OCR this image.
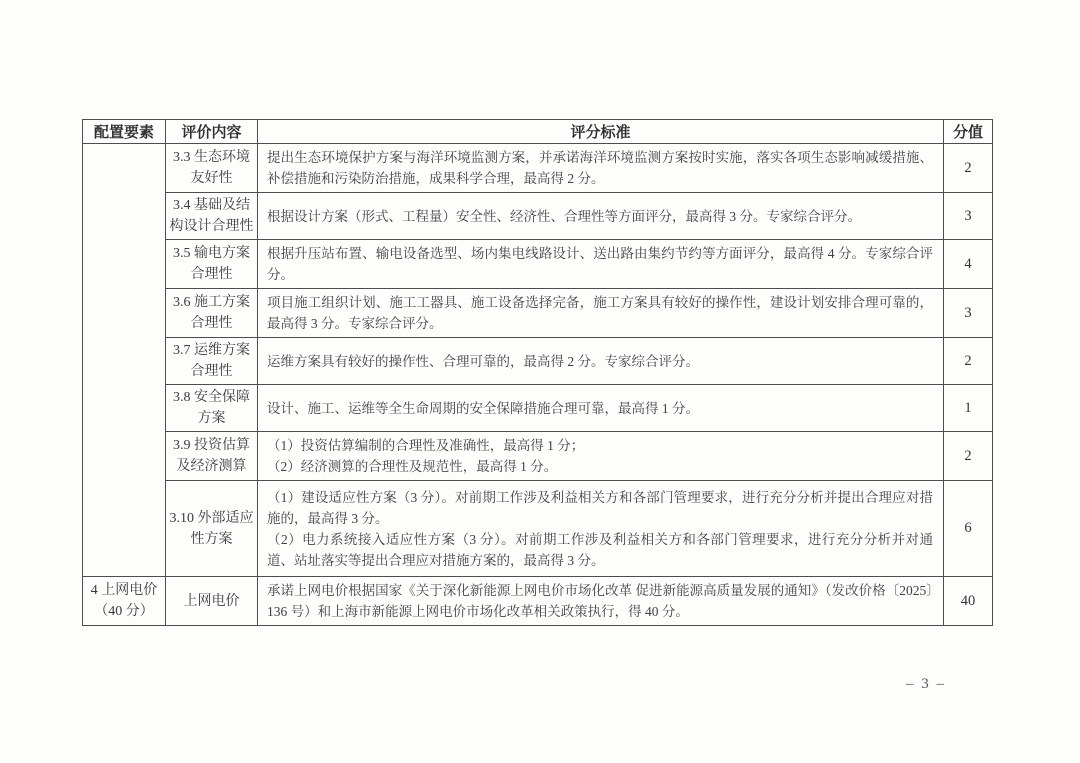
配置要素	评价内容	评分标准	分值
	3.3 生态环境友好性	提出生态环境保护方案与海洋环境监测方案，并承诺海洋环境监测方案按时实施，落实各项生态影响减缓措施、补偿措施和污染防治措施，成果科学合理，最高得 2 分。	2
	3.4 基础及结构设计合理性	根据设计方案（形式、工程量）安全性、经济性、合理性等方面评分，最高得 3 分。专家综合评分。	3
	3.5 输电方案合理性	根据升压站布置、输电设备选型、场内集电线路设计、送出路由集约节约等方面评分，最高得 4 分。专家综合评分。	4
	3.6 施工方案合理性	项目施工组织计划、施工工器具、施工设备选择完备，施工方案具有较好的操作性，建设计划安排合理可靠的，最高得 3 分。专家综合评分。	3
	3.7 运维方案合理性	运维方案具有较好的操作性、合理可靠的，最高得 2 分。专家综合评分。	2
	3.8 安全保障方案	设计、施工、运维等全生命周期的安全保障措施合理可靠，最高得 1 分。	1
	3.9 投资估算及经济测算	（1）投资估算编制的合理性及准确性，最高得 1 分；
（2）经济测算的合理性及规范性，最高得 1 分。	2
	3.10 外部适应性方案	（1）建设适应性方案（3 分）。对前期工作涉及利益相关方和各部门管理要求，进行充分分析并提出合理应对措施的，最高得 3 分。
（2）电力系统接入适应性方案（3 分）。对前期工作涉及利益相关方和各部门管理要求，进行充分分析并对通道、站址落实等提出合理应对措施方案的，最高得 3 分。	6
4 上网电价（40 分）	上网电价	承诺上网电价根据国家《关于深化新能源上网电价市场化改革 促进新能源高质量发展的通知》（发改价格〔2025〕136 号）和上海市新能源上网电价市场化改革相关政策执行，得 40 分。	40
– 3 –
